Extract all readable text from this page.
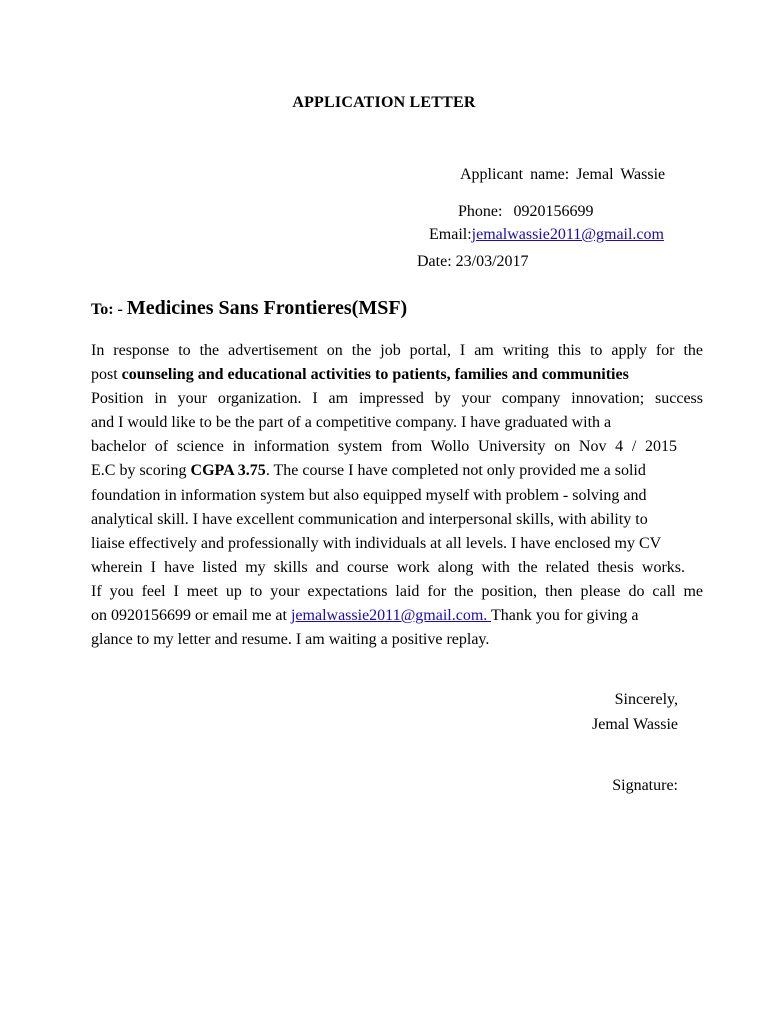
APPLICATION LETTER
Applicant name: Jemal Wassie
Phone: 0920156699
Email:jemalwassie2011@gmail.com
Date: 23/03/2017
To: - Medicines Sans Frontieres(MSF)
In response to the advertisement on the job portal, I am writing this to apply for the
post counseling and educational activities to patients, families and communities
Position in your organization. I am impressed by your company innovation; success
and I would like to be the part of a competitive company. I have graduated with a
bachelor of science in information system from Wollo University on Nov 4 / 2015
E.C by scoring CGPA 3.75. The course I have completed not only provided me a solid
foundation in information system but also equipped myself with problem - solving and
analytical skill. I have excellent communication and interpersonal skills, with ability to
liaise effectively and professionally with individuals at all levels. I have enclosed my CV
wherein I have listed my skills and course work along with the related thesis works.
If you feel I meet up to your expectations laid for the position, then please do call me
on 0920156699 or email me at jemalwassie2011@gmail.com. Thank you for giving a
glance to my letter and resume. I am waiting a positive replay.
Sincerely,
Jemal Wassie
Signature:
